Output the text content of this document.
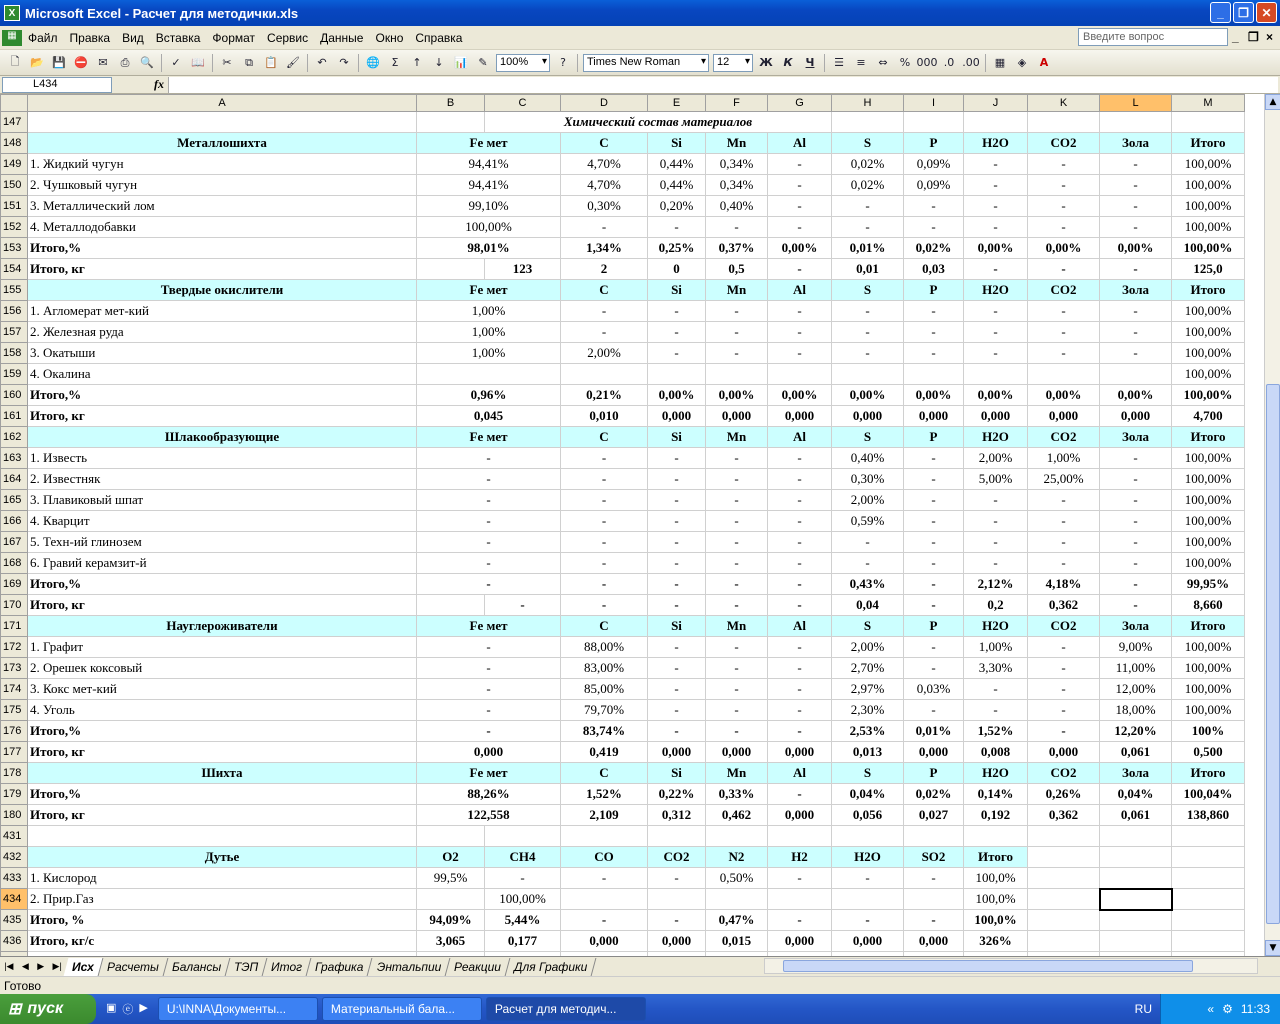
X Microsoft Excel - Расчет для методички.xls	_	❐	✕
▦ Файл	Правка	Вид	Вставка	Формат	Сервис	Данные	Окно	Справка	Введите вопрос	_ ❐ ×
🗋 📂 💾 ⛔ ✉	⎙ 🔍	✓ 📖	✂	⧉	📋 🖌	↶	↷	🌐	Σ	↑	↓ 📊 ✎	100% ▾	?	Times New Roman ▾	12 ▾	Ж К	Ч	☰	≡	⇔	% 000 .0 .00	▦	◈	A
L434	fx
	A	B	C	D	E	F	G	H	I	J	K	L	M
147			Химический состав материалов										
148	Металлошихта	Fe мет		C	Si	Mn	Al	S	P	H2O	CO2	Зола	Итого
149	1. Жидкий чугун	94,41%		4,70%	0,44%	0,34%	-	0,02%	0,09%	-	-	-	100,00%
150	2. Чушковый чугун	94,41%		4,70%	0,44%	0,34%	-	0,02%	0,09%	-	-	-	100,00%
151	3. Металлический лом	99,10%		0,30%	0,20%	0,40%	-	-	-	-	-	-	100,00%
152	4. Металлодобавки	100,00%		-	-	-	-	-	-	-	-	-	100,00%
153	Итого,%	98,01%		1,34%	0,25%	0,37%	0,00%	0,01%	0,02%	0,00%	0,00%	0,00%	100,00%
154	Итого, кг		123	2	0	0,5	-	0,01	0,03	-	-	-	125,0
155	Твердые окислители	Fe мет		C	Si	Mn	Al	S	P	H2O	CO2	Зола	Итого
156	1. Агломерат мет-кий	1,00%		-	-	-	-	-	-	-	-	-	100,00%
157	2. Железная руда	1,00%		-	-	-	-	-	-	-	-	-	100,00%
158	3. Окатыши	1,00%		2,00%	-	-	-	-	-	-	-	-	100,00%
159	4. Окалина												100,00%
160	Итого,%	0,96%		0,21%	0,00%	0,00%	0,00%	0,00%	0,00%	0,00%	0,00%	0,00%	100,00%
161	Итого, кг	0,045		0,010	0,000	0,000	0,000	0,000	0,000	0,000	0,000	0,000	4,700
162	Шлакообразующие	Fe мет		C	Si	Mn	Al	S	P	H2O	CO2	Зола	Итого
163	1. Известь	-		-	-	-	-	0,40%	-	2,00%	1,00%	-	100,00%
164	2. Известняк	-		-	-	-	-	0,30%	-	5,00%	25,00%	-	100,00%
165	3. Плавиковый шпат	-		-	-	-	-	2,00%	-	-	-	-	100,00%
166	4. Кварцит	-		-	-	-	-	0,59%	-	-	-	-	100,00%
167	5. Техн-ий глинозем	-		-	-	-	-	-	-	-	-	-	100,00%
168	6. Гравий керамзит-й	-		-	-	-	-	-	-	-	-	-	100,00%
169	Итого,%	-		-	-	-	-	0,43%	-	2,12%	4,18%	-	99,95%
170	Итого, кг		-	-	-	-	-	0,04	-	0,2	0,362	-	8,660
171	Науглероживатели	Fe мет		C	Si	Mn	Al	S	P	H2O	CO2	Зола	Итого
172	1. Графит	-		88,00%	-	-	-	2,00%	-	1,00%	-	9,00%	100,00%
173	2. Орешек коксовый	-		83,00%	-	-	-	2,70%	-	3,30%	-	11,00%	100,00%
174	3. Кокс мет-кий	-		85,00%	-	-	-	2,97%	0,03%	-	-	12,00%	100,00%
175	4. Уголь	-		79,70%	-	-	-	2,30%	-	-	-	18,00%	100,00%
176	Итого,%	-		83,74%	-	-	-	2,53%	0,01%	1,52%	-	12,20%	100%
177	Итого, кг	0,000		0,419	0,000	0,000	0,000	0,013	0,000	0,008	0,000	0,061	0,500
178	Шихта	Fe мет		C	Si	Mn	Al	S	P	H2O	CO2	Зола	Итого
179	Итого,%	88,26%		1,52%	0,22%	0,33%	-	0,04%	0,02%	0,14%	0,26%	0,04%	100,04%
180	Итого, кг	122,558		2,109	0,312	0,462	0,000	0,056	0,027	0,192	0,362	0,061	138,860
431													
432	Дутье	O2	CH4	CO	CO2	N2	H2	H2O	SO2	Итого			
433	1. Кислород	99,5%	-	-	-	0,50%	-	-	-	100,0%			
434	2. Прир.Газ		100,00%							100,0%			
435	Итого, %	94,09%	5,44%	-	-	0,47%	-	-	-	100,0%			
436	Итого, кг/с	3,065	0,177	0,000	0,000	0,015	0,000	0,000	0,000	326%			

▲
▼
|◀ ◀ ▶ ▶| Исх	Расчеты	Балансы	ТЭП	Итог	Графика	Энтальпии	Реакции	Для Графики
Готово
⊞ пуск	▣ ⓔ ▶	U:\INNA\Документы...	Материальный бала...	Расчет для методич...	RU	« ⚙ 11:33
